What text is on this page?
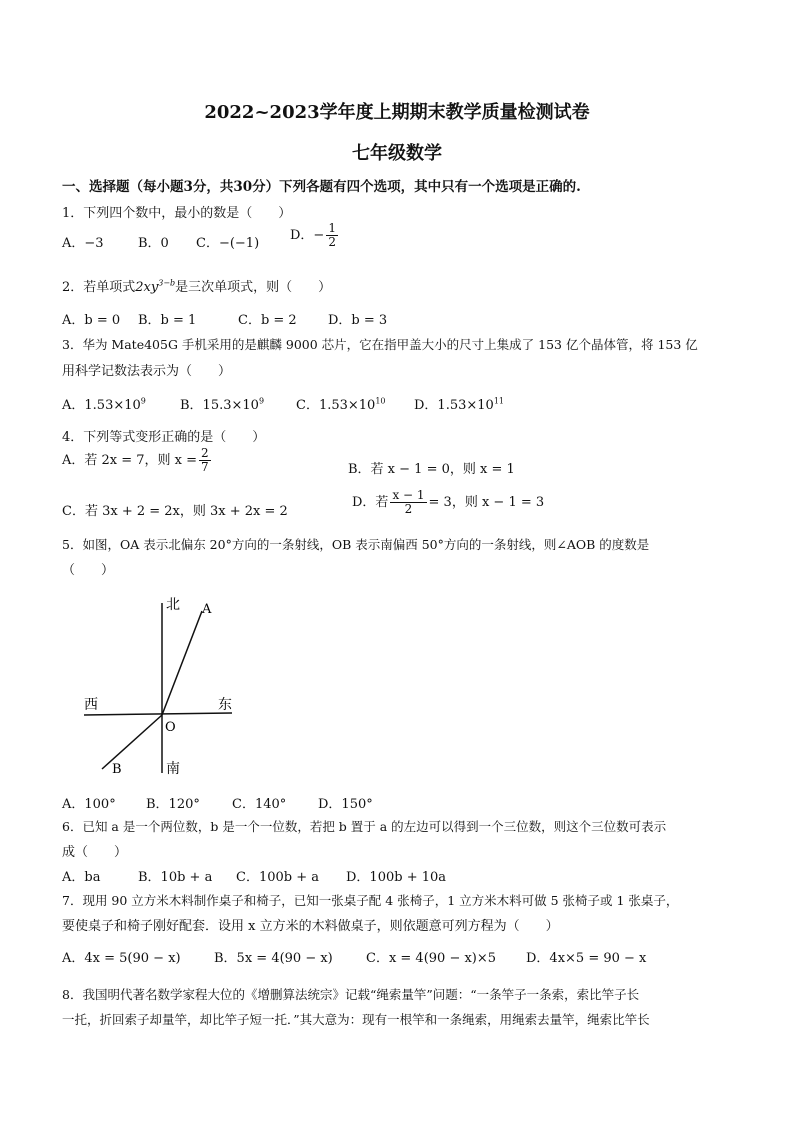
2022~2023学年度上期期末教学质量检测试卷
七年级数学
一、选择题（每小题3分，共30分）下列各题有四个选项，其中只有一个选项是正确的.
1．下列四个数中，最小的数是（　　）
A．−3	B．0 C．−(−1)
D．− $\frac{1}{2}$
2．若单项式$2xy^{3-b}$是三次单项式，则（　　）
A．b = 0 B．b = 1	C．b = 2 D．b = 3
3．华为 Mate405G 手机采用的是麒麟 9000 芯片，它在指甲盖大小的尺寸上集成了 153 亿个晶体管，将 153 亿
用科学记数法表示为（　　）
A．$1.53\times 10^9$	B．$15.3\times 10^9$ C．$1.53\times 10^{10}$ D．$1.53\times 10^{11}$
4．下列等式变形正确的是（　　）
A．若 2x = 7，则 $x = \frac{2}{7}$	B．若 x − 1 = 0，则 x = 1
C．若 3x + 2 = 2x，则 3x + 2x = 2
D．若 $\frac{x - 1}{2} = 3$，则 x − 1 = 3
5．如图，OA 表示北偏东 20°方向的一条射线，OB 表示南偏西 50°方向的一条射线，则∠AOB 的度数是
（　　）
北 A
西	东
O
B	南
A．100° B．120° C．140° D．150°
6．已知 a 是一个两位数，b 是一个一位数，若把 b 置于 a 的左边可以得到一个三位数，则这个三位数可表示
成（　　）
A．ba	B．10b + a C．100b + a D．100b + 10a
7．现用 90 立方米木料制作桌子和椅子，已知一张桌子配 4 张椅子，1 立方米木料可做 5 张椅子或 1 张桌子，
要使桌子和椅子刚好配套．设用 x 立方米的木料做桌子，则依题意可列方程为（　　）
A．4x = 5(90 − x)	B．5x = 4(90 − x)	C．x = 4(90 − x)×5 D．4x×5 = 90 − x
8．我国明代著名数学家程大位的《增删算法统宗》记载“绳索量竿”问题：“一条竿子一条索，索比竿子长
一托，折回索子却量竿，却比竿子短一托．”其大意为：现有一根竿和一条绳索，用绳索去量竿，绳索比竿长
